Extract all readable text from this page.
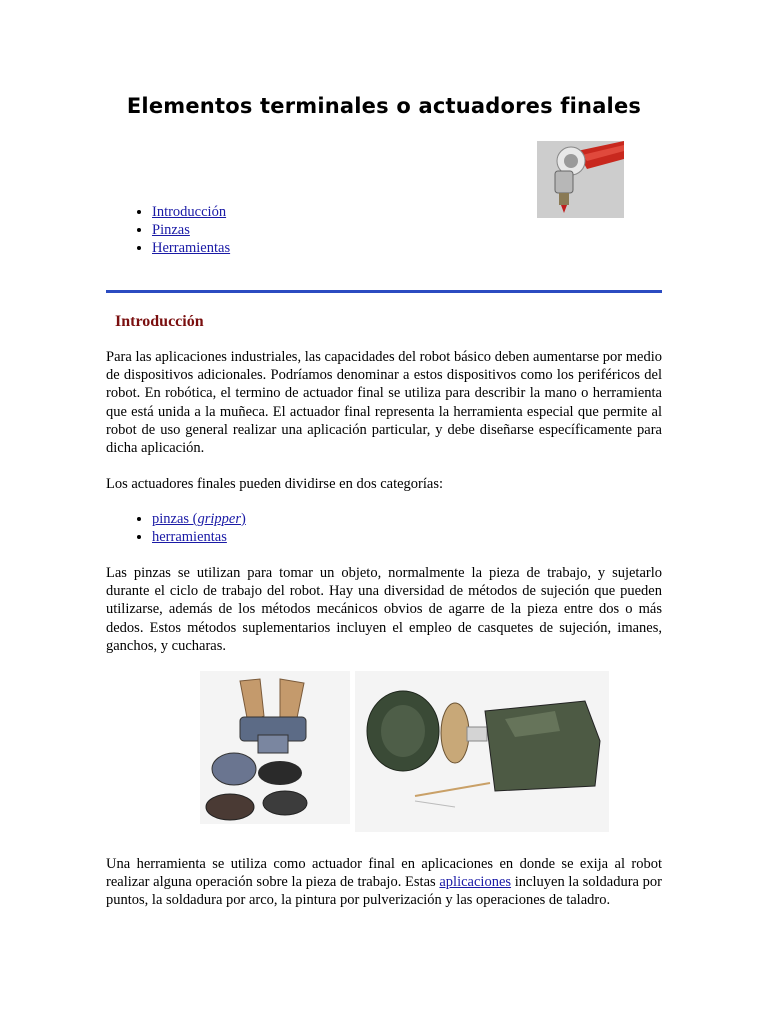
Elementos terminales o actuadores finales
• Introducción
• Pinzas
• Herramientas
Introducción

Para las aplicaciones industriales, las capacidades del robot básico deben aumentarse por medio de dispositivos adicionales. Podríamos denominar a estos dispositivos como los periféricos del robot. En robótica, el termino de actuador final se utiliza para describir la mano o herramienta que está unida a la muñeca. El actuador final representa la herramienta especial que permite al robot de uso general realizar una aplicación particular, y debe diseñarse específicamente para dicha aplicación.

Los actuadores finales pueden dividirse en dos categorías:

• pinzas (gripper)
• herramientas

Las pinzas se utilizan para tomar un objeto, normalmente la pieza de trabajo, y sujetarlo durante el ciclo de trabajo del robot. Hay una diversidad de métodos de sujeción que pueden utilizarse, además de los métodos mecánicos obvios de agarre de la pieza entre dos o más dedos. Estos métodos suplementarios incluyen el empleo de casquetes de sujeción, imanes, ganchos, y cucharas.

Una herramienta se utiliza como actuador final en aplicaciones en donde se exija al robot realizar alguna operación sobre la pieza de trabajo. Estas aplicaciones incluyen la soldadura por puntos, la soldadura por arco, la pintura por pulverización y las operaciones de taladro.
